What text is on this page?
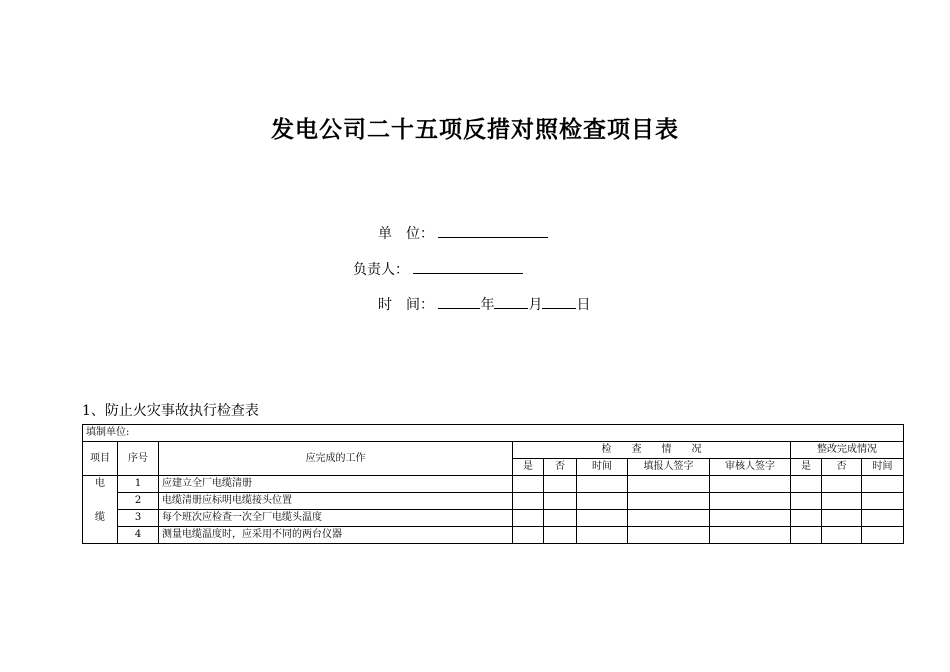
发电公司二十五项反措对照检查项目表
单　位：
负责人：
时　间：	年 月 日
1、防止火灾事故执行检查表
填制单位:										
项目	序号	应完成的工作	检　　查　　情　　况					整改完成情况		
			是	否	时间	填报人签字	审核人签字	是	否	时间
电	1	应建立全厂电缆清册								
	2	电缆清册应标明电缆接头位置								
缆	3	每个班次应检查一次全厂电缆头温度								
	4	测量电缆温度时，应采用不同的两台仪器								
